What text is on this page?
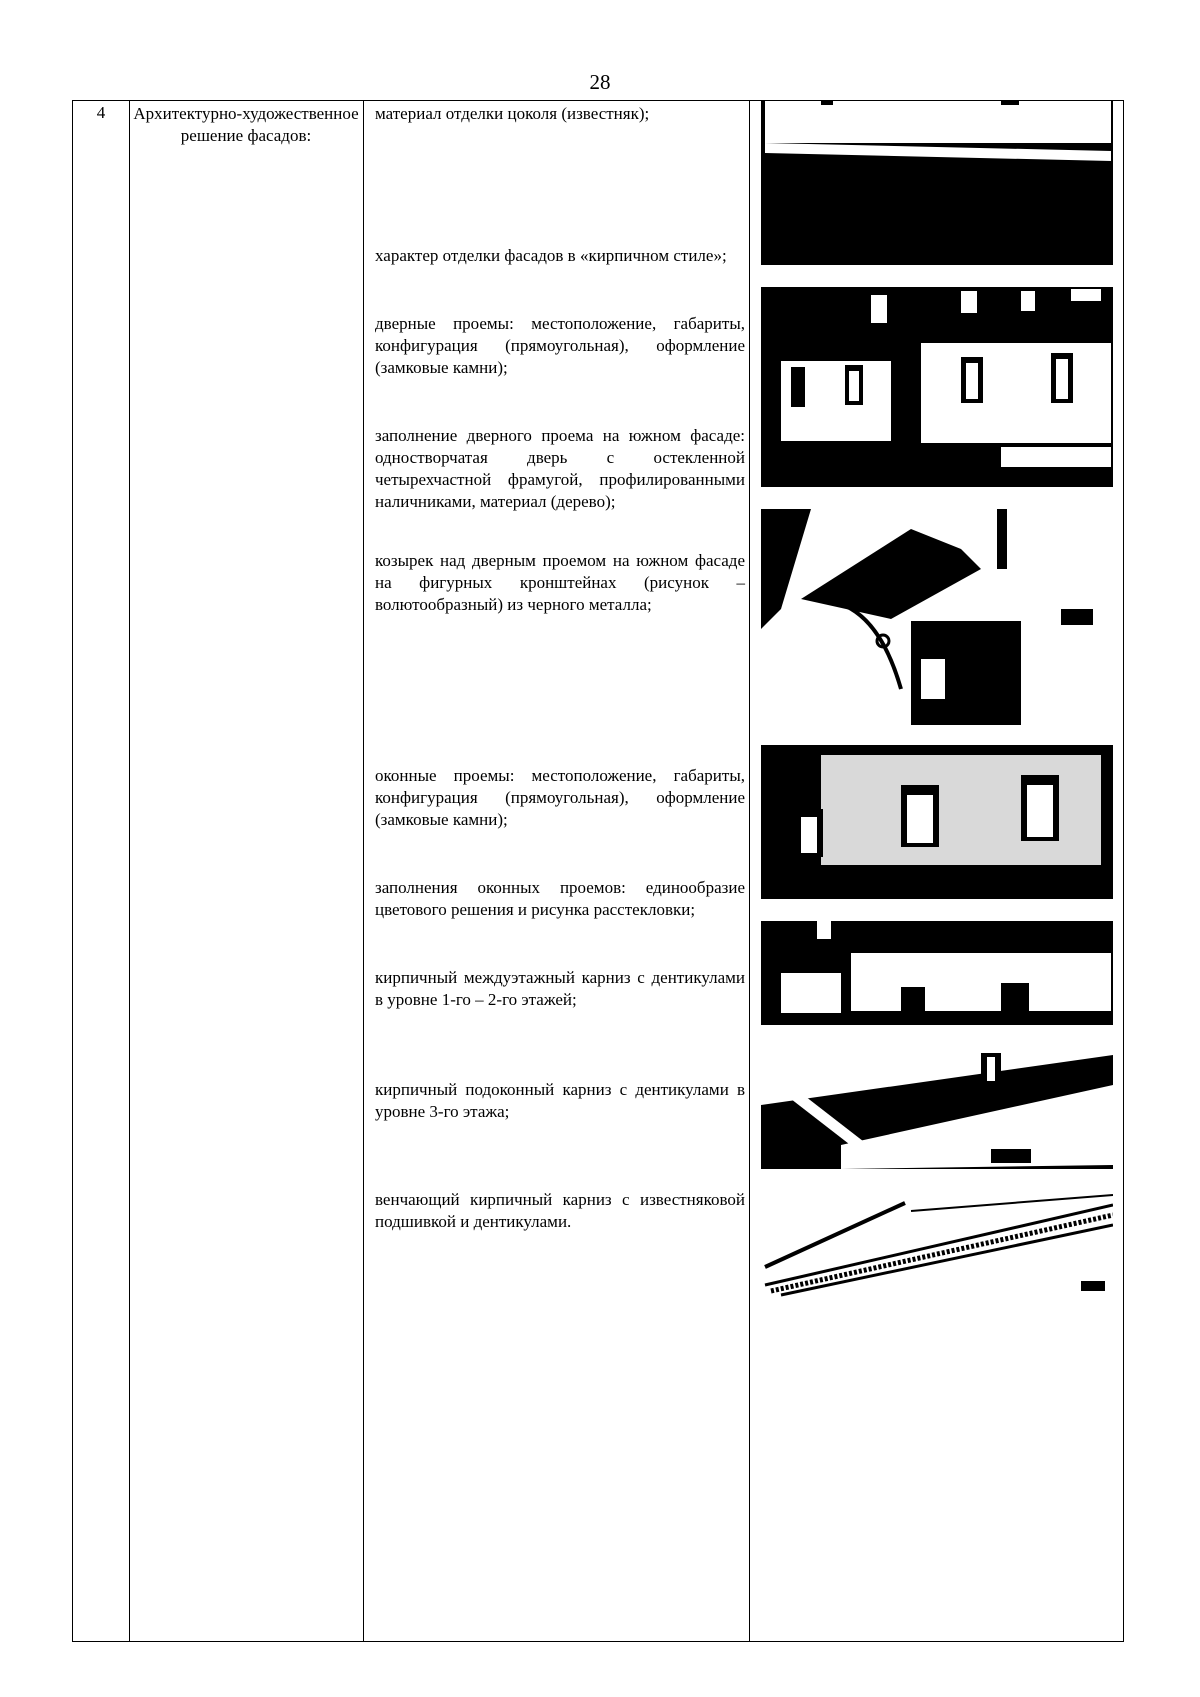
28
4	Архитектурно-художественное решение фасадов:
материал отделки цоколя (известняк);
характер отделки фасадов в «кирпичном стиле»;
дверные проемы: местоположение, габариты, конфигурация (прямоугольная), оформление (замковые камни);
заполнение дверного проема на южном фасаде: одностворчатая дверь с остекленной четырехчастной фрамугой, профилированными наличниками, материал (дерево);
козырек над дверным проемом на южном фасаде на фигурных кронштейнах (рисунок – волютообразный) из черного металла;
оконные проемы: местоположение, габариты, конфигурация (прямоугольная), оформление (замковые камни);
заполнения оконных проемов: единообразие цветового решения и рисунка расстекловки;
кирпичный междуэтажный карниз с дентикулами в уровне 1-го – 2-го этажей;
кирпичный подоконный карниз с дентикулами в уровне 3-го этажа;
венчающий кирпичный карниз с известняковой подшивкой и дентикулами.
